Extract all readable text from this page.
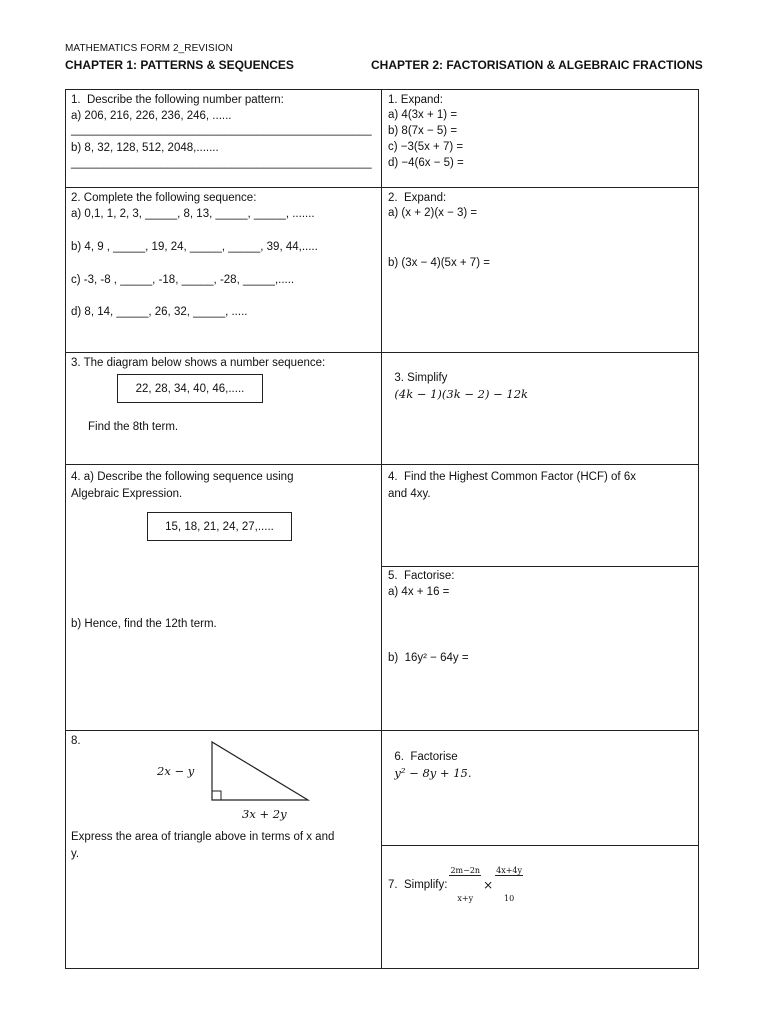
MATHEMATICS FORM 2_REVISION
CHAPTER 1: PATTERNS & SEQUENCES	CHAPTER 2: FACTORISATION & ALGEBRAIC FRACTIONS
1.  Describe the following number pattern:
a) 206, 216, 226, 236, 246, ......
_______________________________________________
b) 8, 32, 128, 512, 2048,.......
_______________________________________________
2. Complete the following sequence:
a) 0,1, 1, 2, 3, _____, 8, 13, _____, _____, .......
b) 4, 9 , _____, 19, 24, _____, _____, 39, 44,.....
c) -3, -8 , _____, -18, _____, -28, _____,.....
d) 8, 14, _____, 26, 32, _____, .....
3. The diagram below shows a number sequence:
22, 28, 34, 40, 46,.....
Find the 8th term.
4. a) Describe the following sequence using
Algebraic Expression.
15, 18, 21, 24, 27,.....
b) Hence, find the 12th term.
8.
2x − y
3x + 2y
Express the area of triangle above in terms of x and
y.
1. Expand:
a) 4(3x + 1) =
b) 8(7x − 5) =
c) −3(5x + 7) =
d) −4(6x − 5) =
2.  Expand:
a) (x + 2)(x − 3) =
b) (3x − 4)(5x + 7) =

3. Simplify
(4k − 1)(3k − 2) − 12k

4.  Find the Highest Common Factor (HCF) of 6x
and 4xy.
5.  Factorise:
a) 4x + 16 =
b)  16y² − 64y =

6.  Factorise
y² − 8y + 15.

7.  Simplify:

$\frac{2m-2n}{x+y}$

×

$\frac{4x+4y}{10}$
